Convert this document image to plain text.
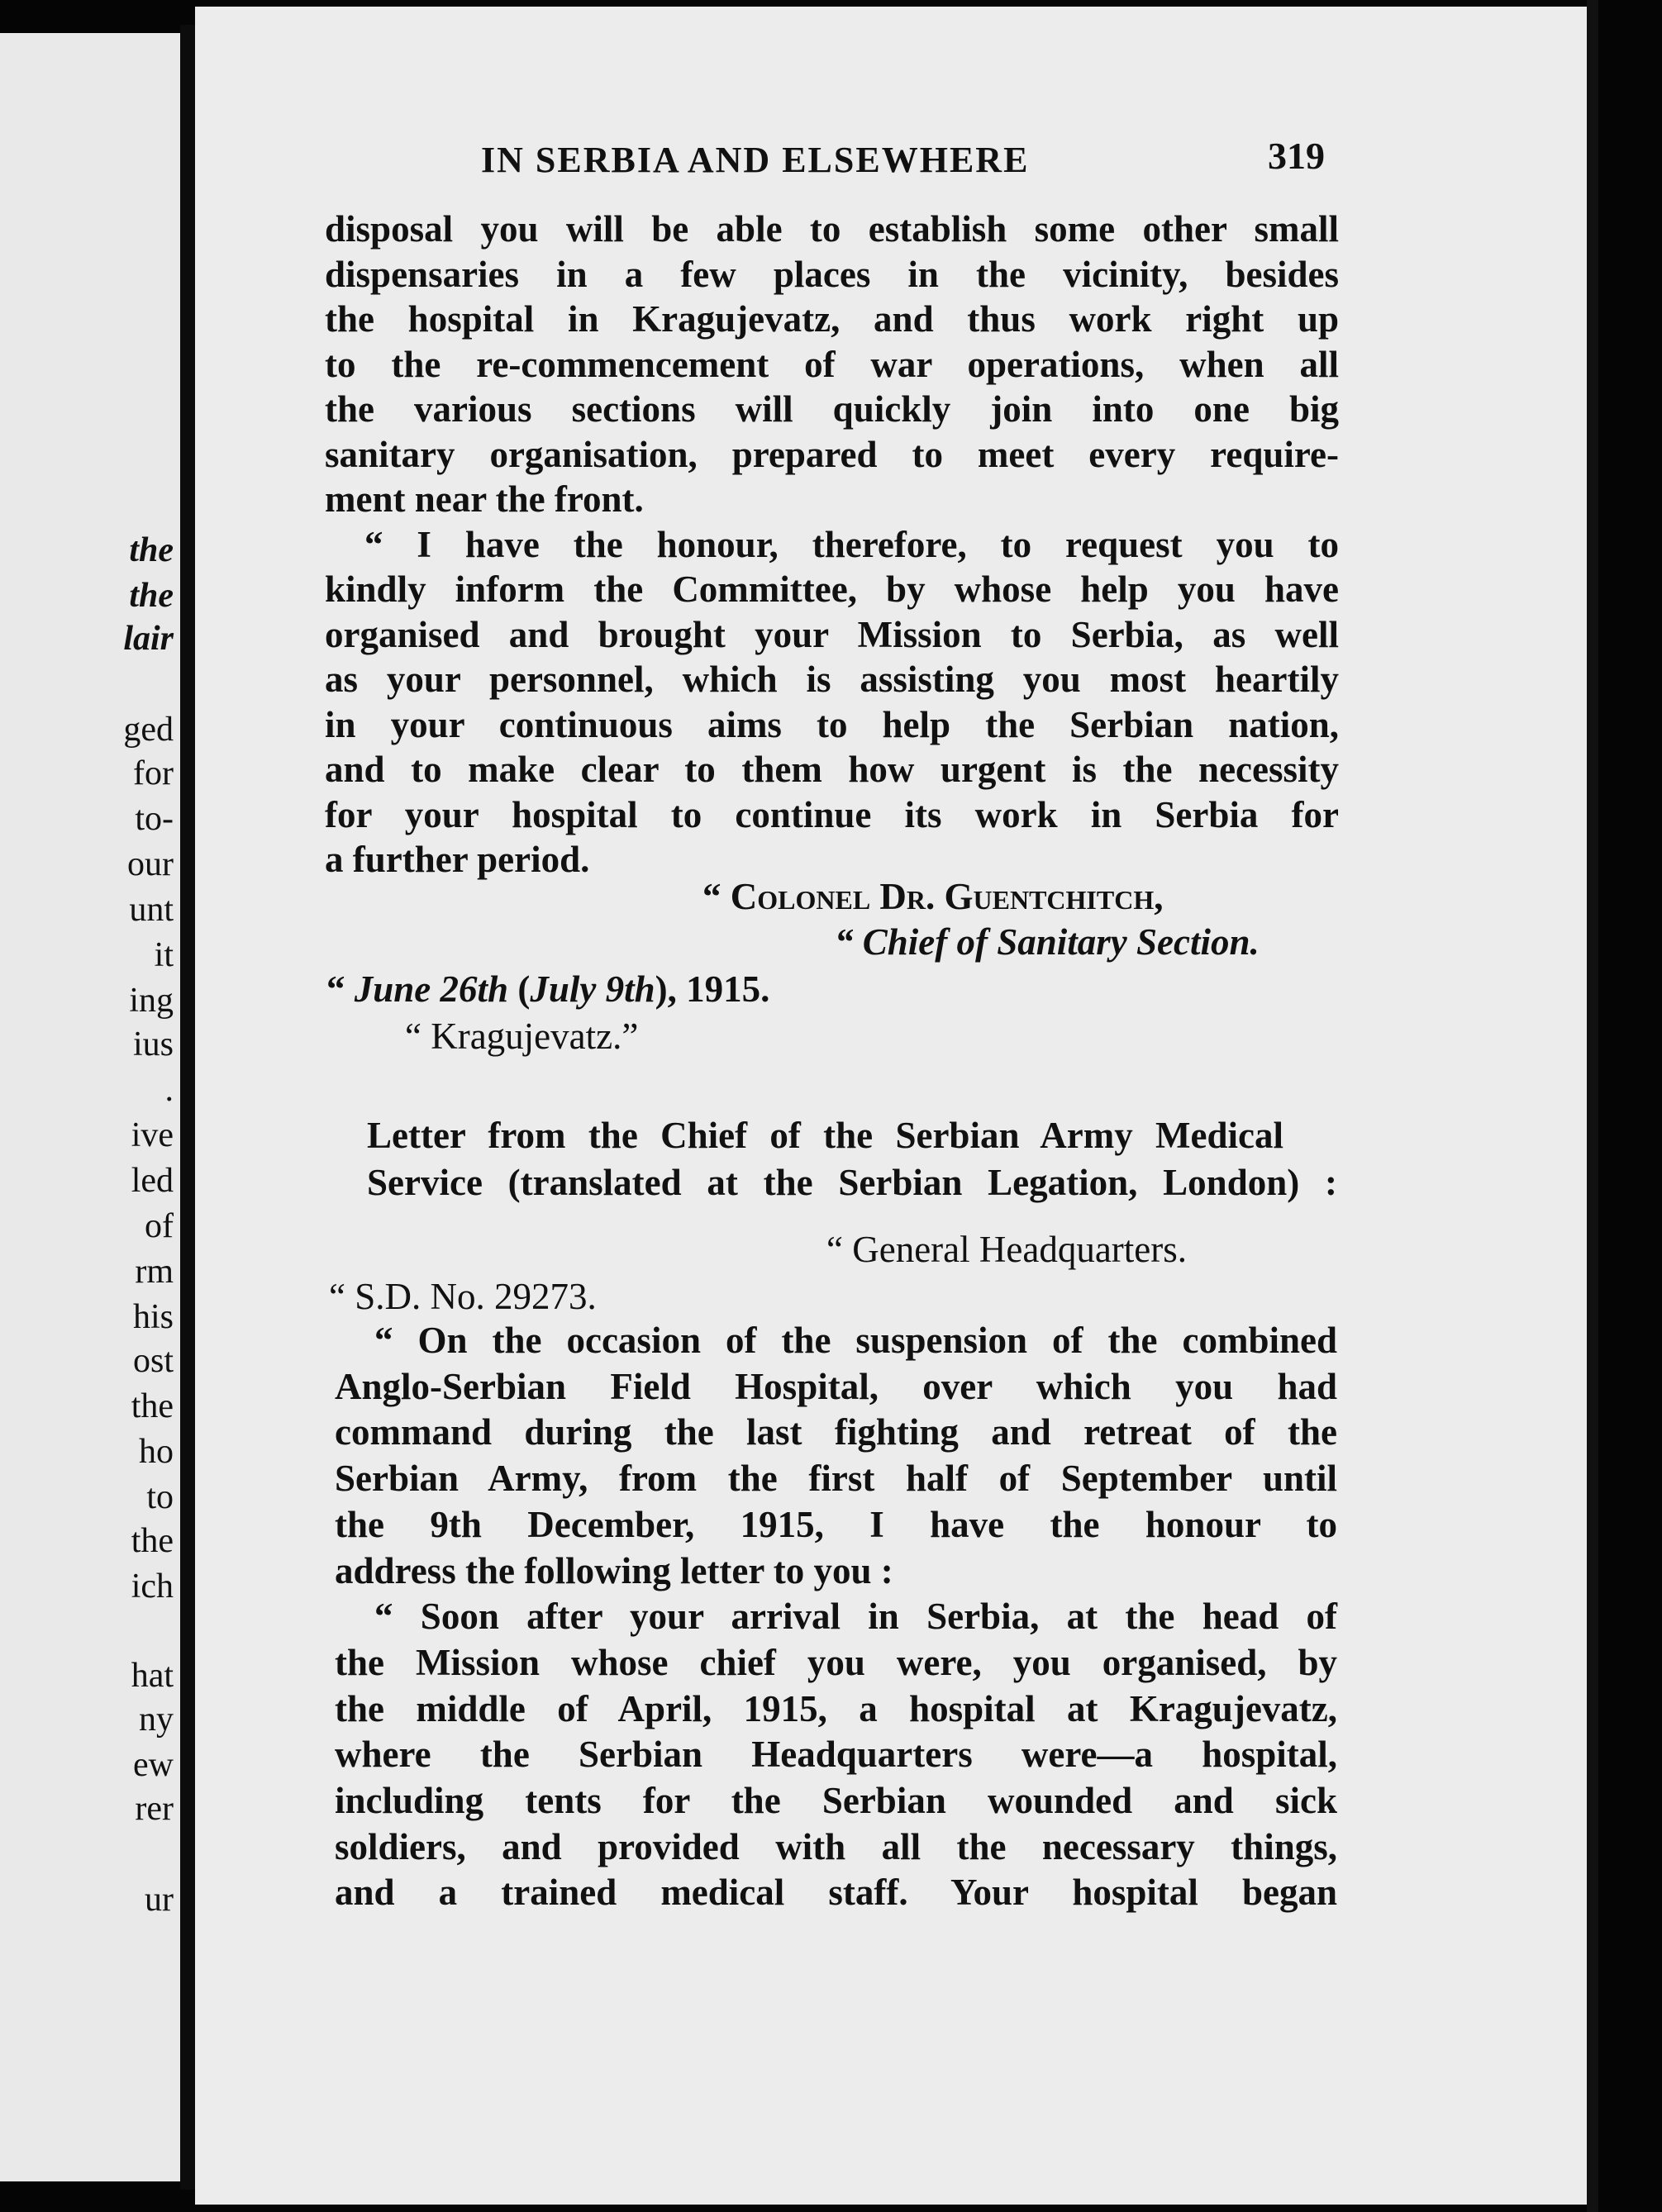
the
the
lair
ged
for
to-
our
unt
it
ing
ius
.
ive
led
of
rm
his
ost
the
ho
to
the
ich
hat
ny
ew
rer
ur
IN SERBIA AND ELSEWHERE	319
disposal you will be able to establish some other small
dispensaries in a few places in the vicinity, besides
the hospital in Kragujevatz, and thus work right up
to the re-commencement of war operations, when all
the various sections will quickly join into one big
sanitary organisation, prepared to meet every require-
ment near the front.
“ I have the honour, therefore, to request you to
kindly inform the Committee, by whose help you have
organised and brought your Mission to Serbia, as well
as your personnel, which is assisting you most heartily
in your continuous aims to help the Serbian nation,
and to make clear to them how urgent is the necessity
for your hospital to continue its work in Serbia for
a further period.
“ Colonel Dr. Guentchitch,
“ Chief of Sanitary Section.
“ June 26th (July 9th), 1915.
“ Kragujevatz.”
Letter from the Chief of the Serbian Army Medical
Service (translated at the Serbian Legation, London) :
“ General Headquarters.
“ S.D. No. 29273.
“ On the occasion of the suspension of the combined
Anglo-Serbian Field Hospital, over which you had
command during the last fighting and retreat of the
Serbian Army, from the first half of September until
the 9th December, 1915, I have the honour to
address the following letter to you :
“ Soon after your arrival in Serbia, at the head of
the Mission whose chief you were, you organised, by
the middle of April, 1915, a hospital at Kragujevatz,
where the Serbian Headquarters were—a hospital,
including tents for the Serbian wounded and sick
soldiers, and provided with all the necessary things,
and a trained medical staff. Your hospital began
